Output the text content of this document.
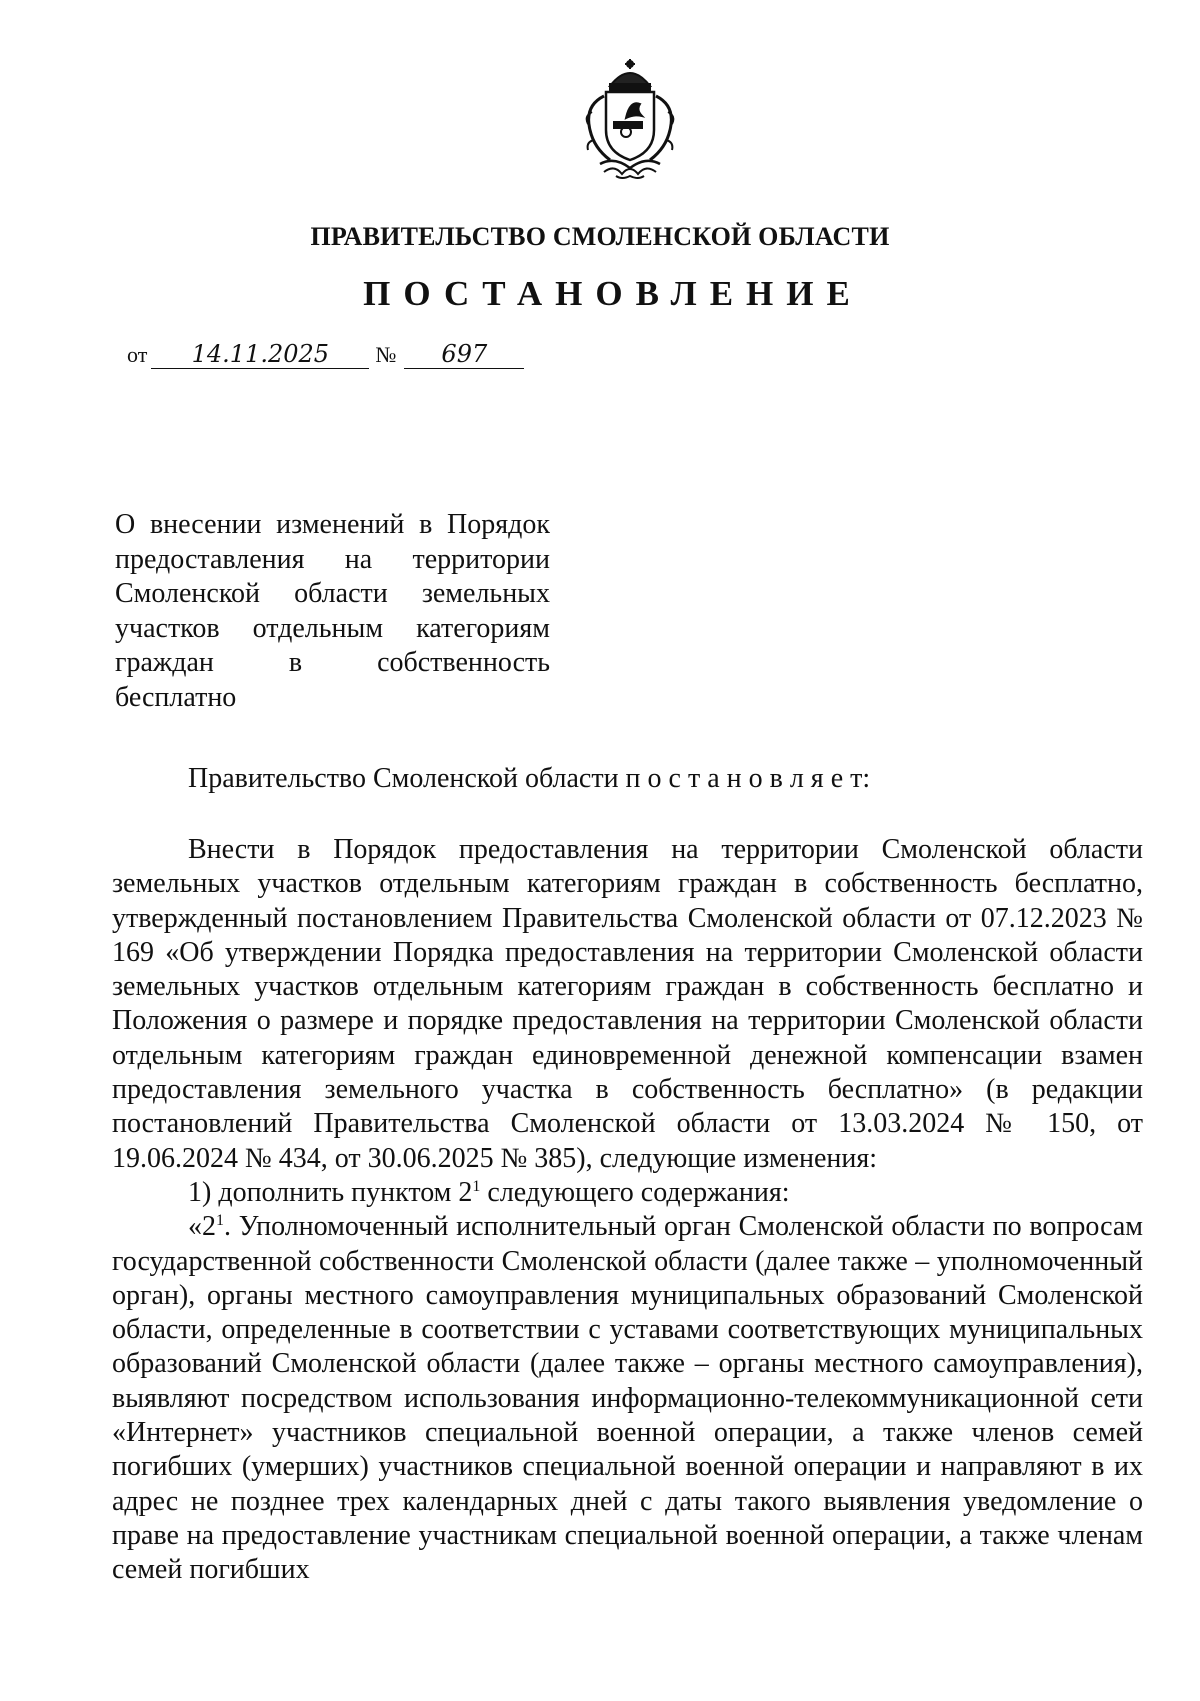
ПРАВИТЕЛЬСТВО СМОЛЕНСКОЙ ОБЛАСТИ
ПОСТАНОВЛЕНИЕ
от 14.11.2025 № 697
О внесении изменений в Порядок
предоставления на территории
Смоленской области земельных
участков отдельным категориям
граждан в собственность
бесплатно
Правительство Смоленской области п о с т а н о в л я е т:

Внести в Порядок предоставления на территории Смоленской области земельных участков отдельным категориям граждан в собственность бесплатно, утвержденный постановлением Правительства Смоленской области от 07.12.2023 № 169 «Об утверждении Порядка предоставления на территории Смоленской области земельных участков отдельным категориям граждан в собственность бесплатно и Положения о размере и порядке предоставления на территории Смоленской области отдельным категориям граждан единовременной денежной компенсации взамен предоставления земельного участка в собственность бесплатно» (в редакции постановлений Правительства Смоленской области от 13.03.2024 № 150, от 19.06.2024 № 434, от 30.06.2025 № 385), следующие изменения:

1) дополнить пунктом $2^1$ следующего содержания:

«$2^1$. Уполномоченный исполнительный орган Смоленской области по вопросам государственной собственности Смоленской области (далее также – уполномоченный орган), органы местного самоуправления муниципальных образований Смоленской области, определенные в соответствии с уставами соответствующих муниципальных образований Смоленской области (далее также – органы местного самоуправления), выявляют посредством использования информационно-телекоммуникационной сети «Интернет» участников специальной военной операции, а также членов семей погибших (умерших) участников специальной военной операции и направляют в их адрес не позднее трех календарных дней с даты такого выявления уведомление о праве на предоставление участникам специальной военной операции, а также членам семей погибших
